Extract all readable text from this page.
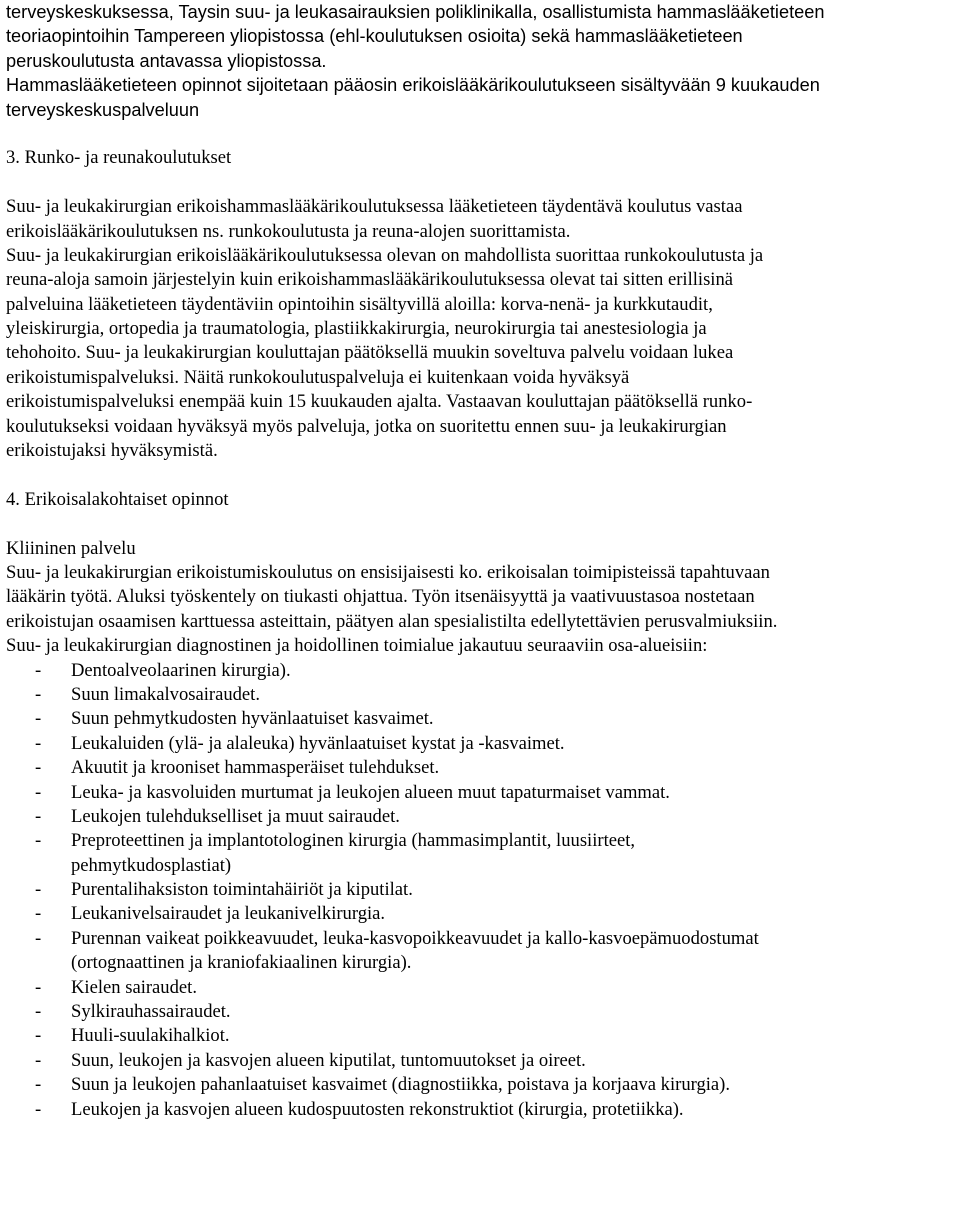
terveyskeskuksessa, Taysin suu- ja leukasairauksien poliklinikalla, osallistumista hammaslääketieteen
teoriaopintoihin Tampereen yliopistossa (ehl-koulutuksen osioita) sekä hammaslääketieteen
peruskoulutusta antavassa yliopistossa.
Hammaslääketieteen opinnot sijoitetaan pääosin erikoislääkärikoulutukseen sisältyvään 9 kuukauden
terveyskeskuspalveluun
3. Runko- ja reunakoulutukset
Suu- ja leukakirurgian erikoishammaslääkärikoulutuksessa lääketieteen täydentävä koulutus vastaa
erikoislääkärikoulutuksen ns. runkokoulutusta ja reuna-alojen suorittamista.
Suu- ja leukakirurgian erikoislääkärikoulutuksessa olevan on mahdollista suorittaa runkokoulutusta ja
reuna-aloja samoin järjestelyin kuin erikoishammaslääkärikoulutuksessa olevat tai sitten erillisinä
palveluina lääketieteen täydentäviin opintoihin sisältyvillä aloilla: korva-nenä- ja kurkkutaudit,
yleiskirurgia, ortopedia ja traumatologia, plastiikkakirurgia, neurokirurgia tai anestesiologia ja
tehohoito. Suu- ja leukakirurgian kouluttajan päätöksellä muukin soveltuva palvelu voidaan lukea
erikoistumispalveluksi. Näitä runkokoulutuspalveluja ei kuitenkaan voida hyväksyä
erikoistumispalveluksi enempää kuin 15 kuukauden ajalta. Vastaavan kouluttajan päätöksellä runko-
koulutukseksi voidaan hyväksyä myös palveluja, jotka on suoritettu ennen suu- ja leukakirurgian
erikoistujaksi hyväksymistä.
4. Erikoisalakohtaiset opinnot
Kliininen palvelu
Suu- ja leukakirurgian erikoistumiskoulutus on ensisijaisesti ko. erikoisalan toimipisteissä tapahtuvaan
lääkärin työtä. Aluksi työskentely on tiukasti ohjattua. Työn itsenäisyyttä ja vaativuustasoa nostetaan
erikoistujan osaamisen karttuessa asteittain, päätyen alan spesialistilta edellytettävien perusvalmiuksiin.
Suu- ja leukakirurgian diagnostinen ja hoidollinen toimialue jakautuu seuraaviin osa-alueisiin:
- Dentoalveolaarinen kirurgia).
- Suun limakalvosairaudet.
- Suun pehmytkudosten hyvänlaatuiset kasvaimet.
- Leukaluiden (ylä- ja alaleuka) hyvänlaatuiset kystat ja -kasvaimet.
- Akuutit ja krooniset hammasperäiset tulehdukset.
- Leuka- ja kasvoluiden murtumat ja leukojen alueen muut tapaturmaiset vammat.
- Leukojen tulehdukselliset ja muut sairaudet.
- Preproteettinen ja implantotologinen kirurgia (hammasimplantit, luusiirteet,
pehmytkudosplastiat)
- Purentalihaksiston toimintahäiriöt ja kiputilat.
- Leukanivelsairaudet ja leukanivelkirurgia.
- Purennan vaikeat poikkeavuudet, leuka-kasvopoikkeavuudet ja kallo-kasvoepämuodostumat
(ortognaattinen ja kraniofakiaalinen kirurgia).
- Kielen sairaudet.
- Sylkirauhassairaudet.
- Huuli-suulakihalkiot.
- Suun, leukojen ja kasvojen alueen kiputilat, tuntomuutokset ja oireet.
- Suun ja leukojen pahanlaatuiset kasvaimet (diagnostiikka, poistava ja korjaava kirurgia).
- Leukojen ja kasvojen alueen kudospuutosten rekonstruktiot (kirurgia, protetiikka).
